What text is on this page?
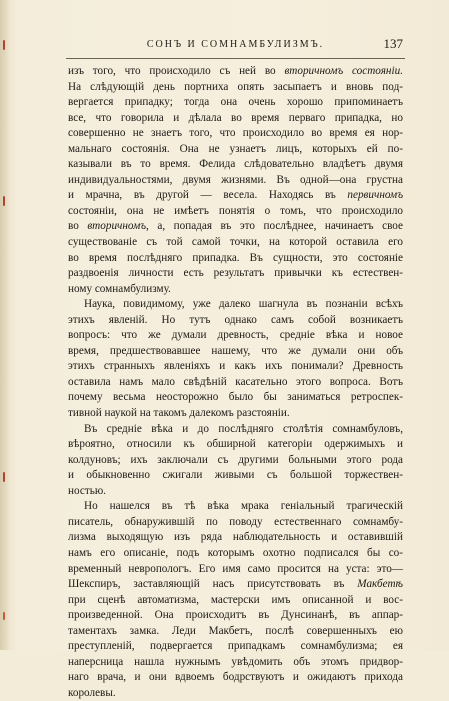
СОНЪ И СОМНАМБУЛИЗМЪ.	137

изъ того, что происходило съ ней во вторичномъ состояніи.
На слѣдующій день портниха опять засыпаетъ и вновь под-
вергается припадку; тогда она очень хорошо припоминаетъ
все, что говорила и дѣлала во время перваго припадка, но
совершенно не знаетъ того, что происходило во время ея нор-
мальнаго состоянія. Она не узнаетъ лицъ, которыхъ ей по-
казывали въ то время. Фелида слѣдовательно владѣетъ двумя
индивидуальностями, двумя жизнями. Въ одной—она грустна
и мрачна, въ другой — весела. Находясь въ первичномъ
состояніи, она не имѣетъ понятія о томъ, что происходило
во вторичномъ, а, попадая въ это послѣднее, начинаетъ свое
существованіе съ той самой точки, на которой оставила его
во время послѣдняго припадка. Въ сущности, это состояніе
раздвоенія личности есть результатъ привычки къ естествен-
ному сомнамбулизму.

Наука, повидимому, уже далеко шагнула въ познаніи всѣхъ
этихъ явленій. Но тутъ однако самъ собой возникаетъ
вопросъ: что же думали древность, средніе вѣка и новое
время, предшествовавшее нашему, что же думали они объ
этихъ странныхъ явленіяхъ и какъ ихъ понимали? Древность
оставила намъ мало свѣдѣній касательно этого вопроса. Вотъ
почему весьма неосторожно было бы заниматься ретроспек-
тивной наукой на такомъ далекомъ разстояніи.

Въ средніе вѣка и до послѣдняго столѣтія сомнамбуловъ,
вѣроятно, относили къ обширной категоріи одержимыхъ и
колдуновъ; ихъ заключали съ другими больными этого рода
и обыкновенно сжигали живыми съ большой торжествен-
ностью.

Но нашелся въ тѣ вѣка мрака геніальный трагическій
писатель, обнаружившій по поводу естественнаго сомнамбу-
лизма выходящую изъ ряда наблюдательность и оставившій
намъ его описаніе, подъ которымъ охотно подписался бы со-
временный невропологъ. Его имя само просится на уста: это—
Шекспиръ, заставляющій насъ присутствовать въ Макбетѣ
при сценѣ автоматизма, мастерски имъ описанной и вос-
произведенной. Она происходитъ въ Дунсинанѣ, въ аппар-
таментахъ замка. Леди Макбетъ, послѣ совершенныхъ ею
преступленій, подвергается припадкамъ сомнамбулизма; ея
наперсница нашла нужнымъ увѣдомить объ этомъ придвор-
наго врача, и они вдвоемъ бодрствуютъ и ожидаютъ прихода
королевы.
